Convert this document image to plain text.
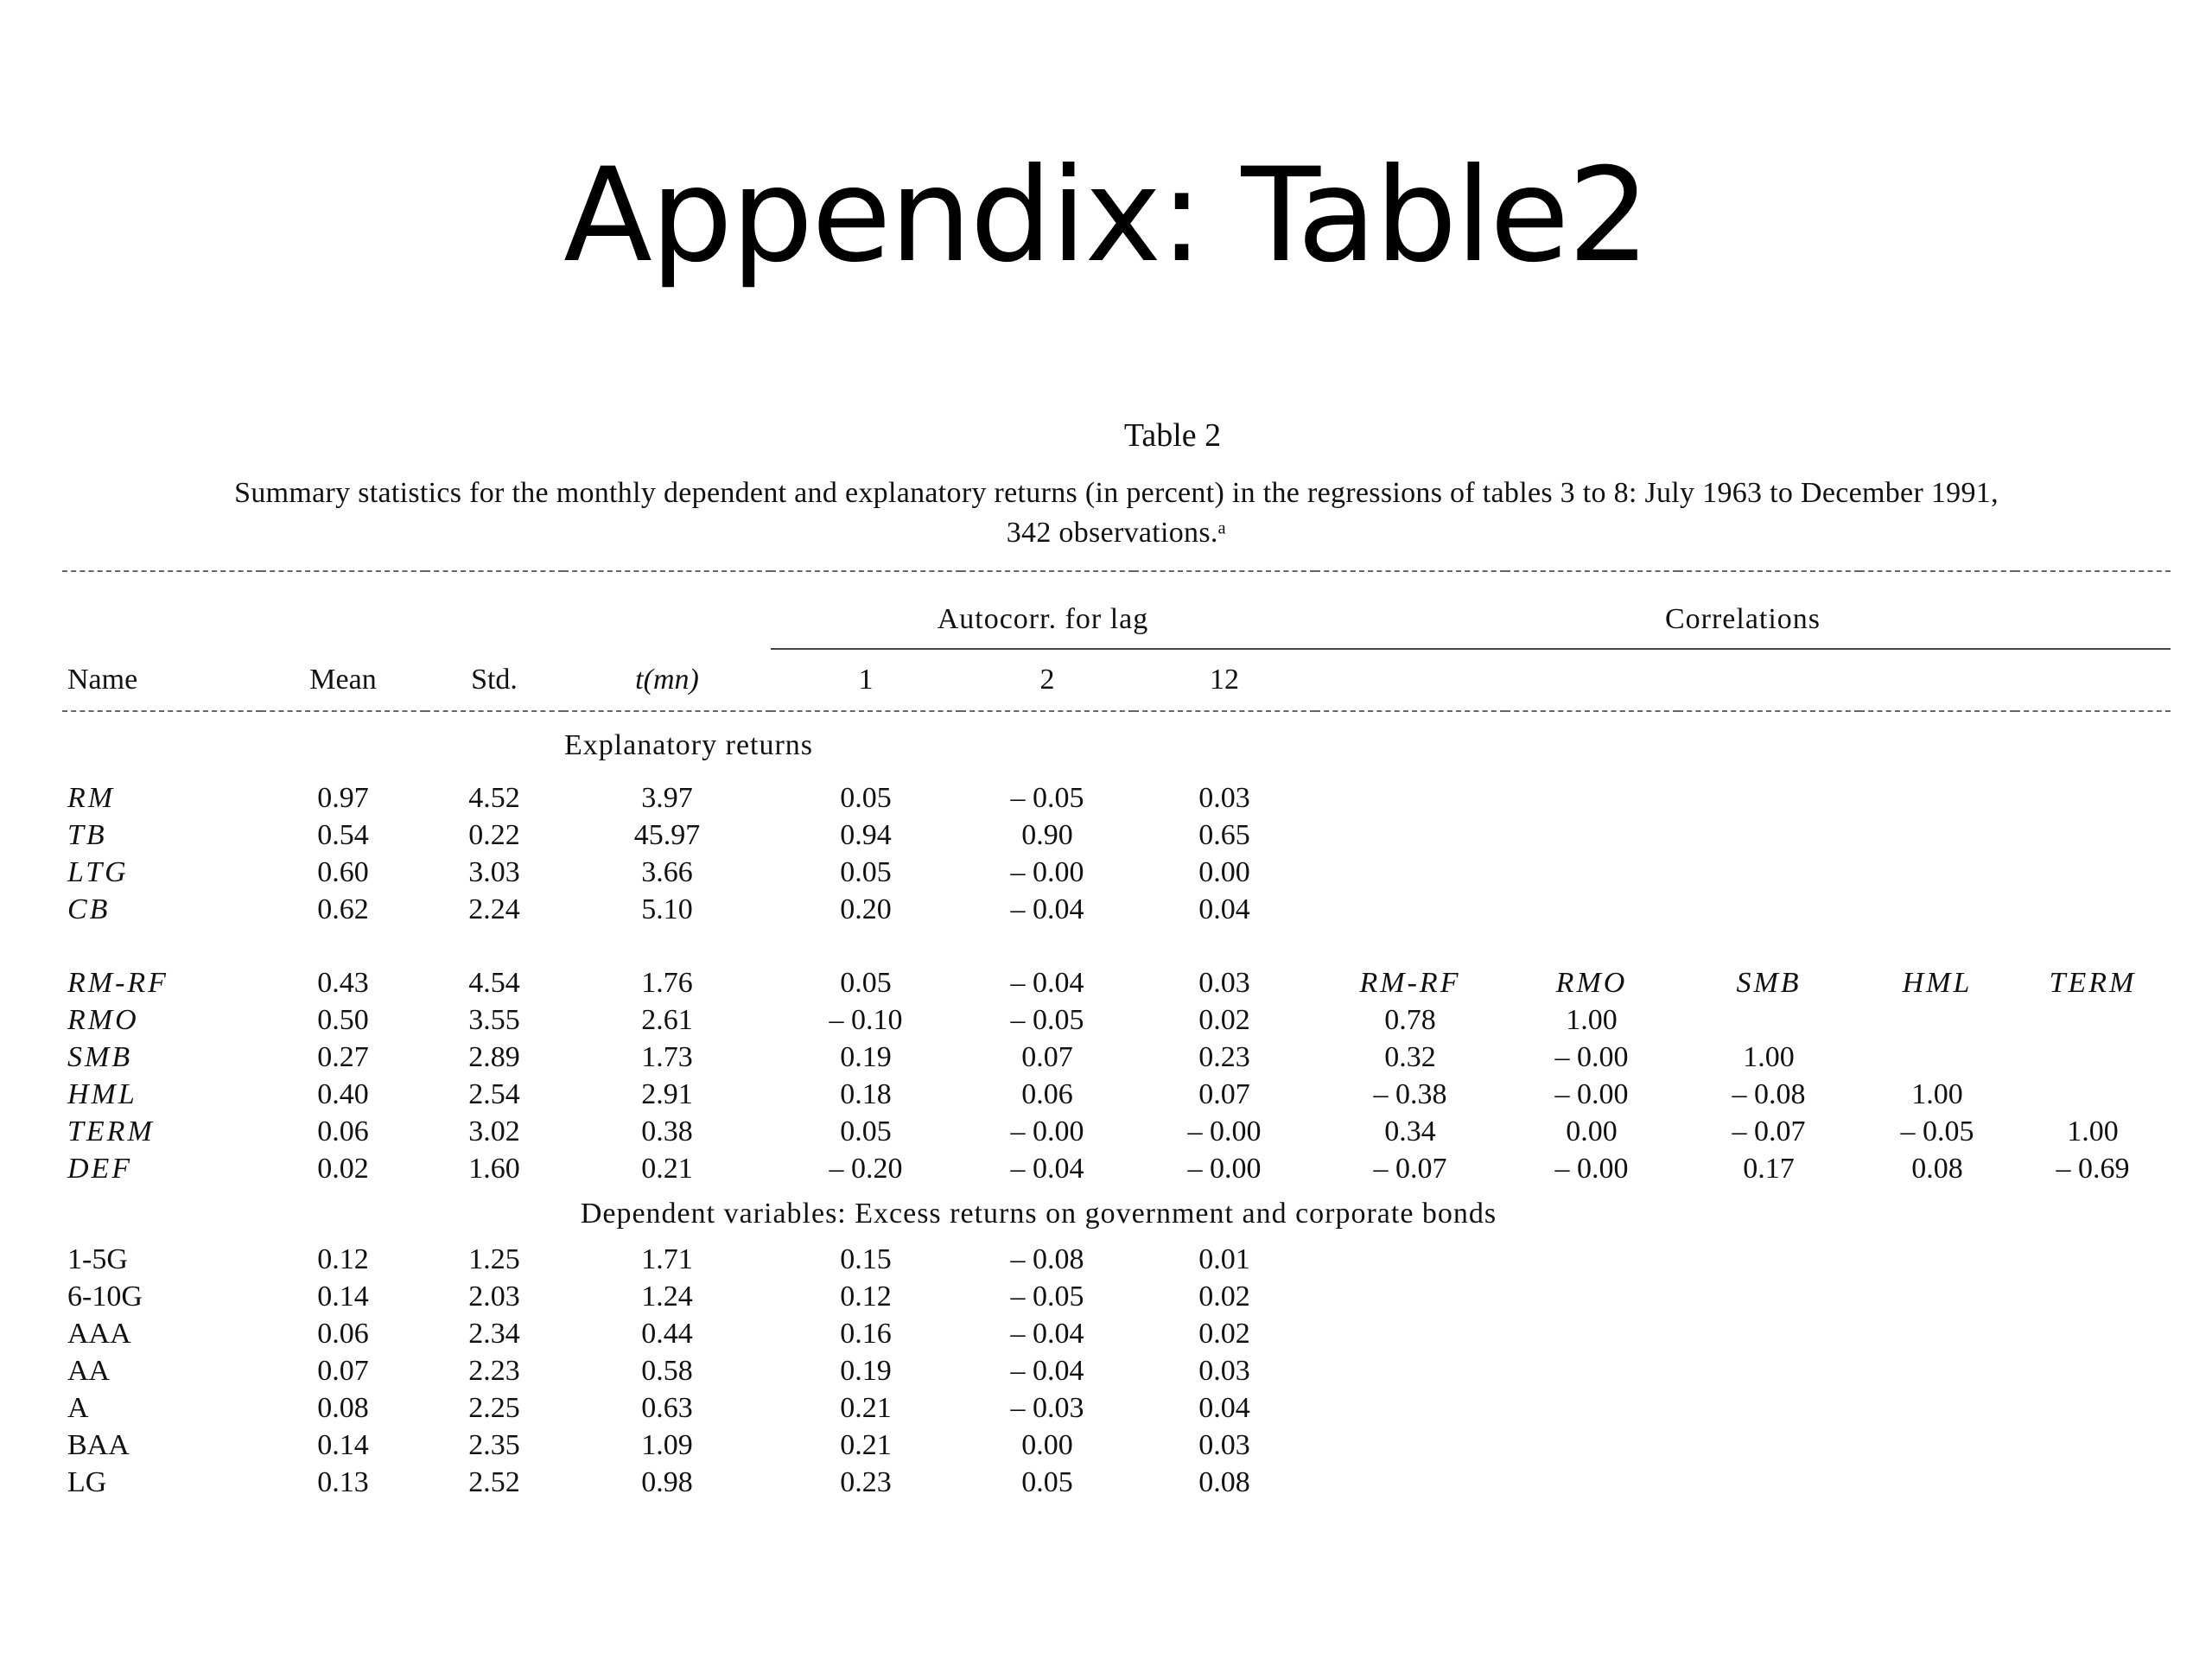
Appendix: Table2
Table 2
Summary statistics for the monthly dependent and explanatory returns (in percent) in the regressions of tables 3 to 8: July 1963 to December 1991,
342 observations.ᵃ
				Autocorr. for lag			Correlations				
Name	Mean	Std.	t(mn)	1	2	12					
Explanatory returns											
RM	0.97	4.52	3.97	0.05	– 0.05	0.03					
TB	0.54	0.22	45.97	0.94	0.90	0.65					
LTG	0.60	3.03	3.66	0.05	– 0.00	0.00					
CB	0.62	2.24	5.10	0.20	– 0.04	0.04					
RM-RF	0.43	4.54	1.76	0.05	– 0.04	0.03	RM-RF	RMO	SMB	HML	TERM
RMO	0.50	3.55	2.61	– 0.10	– 0.05	0.02	0.78	1.00			
SMB	0.27	2.89	1.73	0.19	0.07	0.23	0.32	– 0.00	1.00		
HML	0.40	2.54	2.91	0.18	0.06	0.07	– 0.38	– 0.00	– 0.08	1.00	
TERM	0.06	3.02	0.38	0.05	– 0.00	– 0.00	0.34	0.00	– 0.07	– 0.05	1.00
DEF	0.02	1.60	0.21	– 0.20	– 0.04	– 0.00	– 0.07	– 0.00	0.17	0.08	– 0.69
Dependent variables: Excess returns on government and corporate bonds											
1-5G	0.12	1.25	1.71	0.15	– 0.08	0.01					
6-10G	0.14	2.03	1.24	0.12	– 0.05	0.02					
AAA	0.06	2.34	0.44	0.16	– 0.04	0.02					
AA	0.07	2.23	0.58	0.19	– 0.04	0.03					
A	0.08	2.25	0.63	0.21	– 0.03	0.04					
BAA	0.14	2.35	1.09	0.21	0.00	0.03					
LG	0.13	2.52	0.98	0.23	0.05	0.08					
